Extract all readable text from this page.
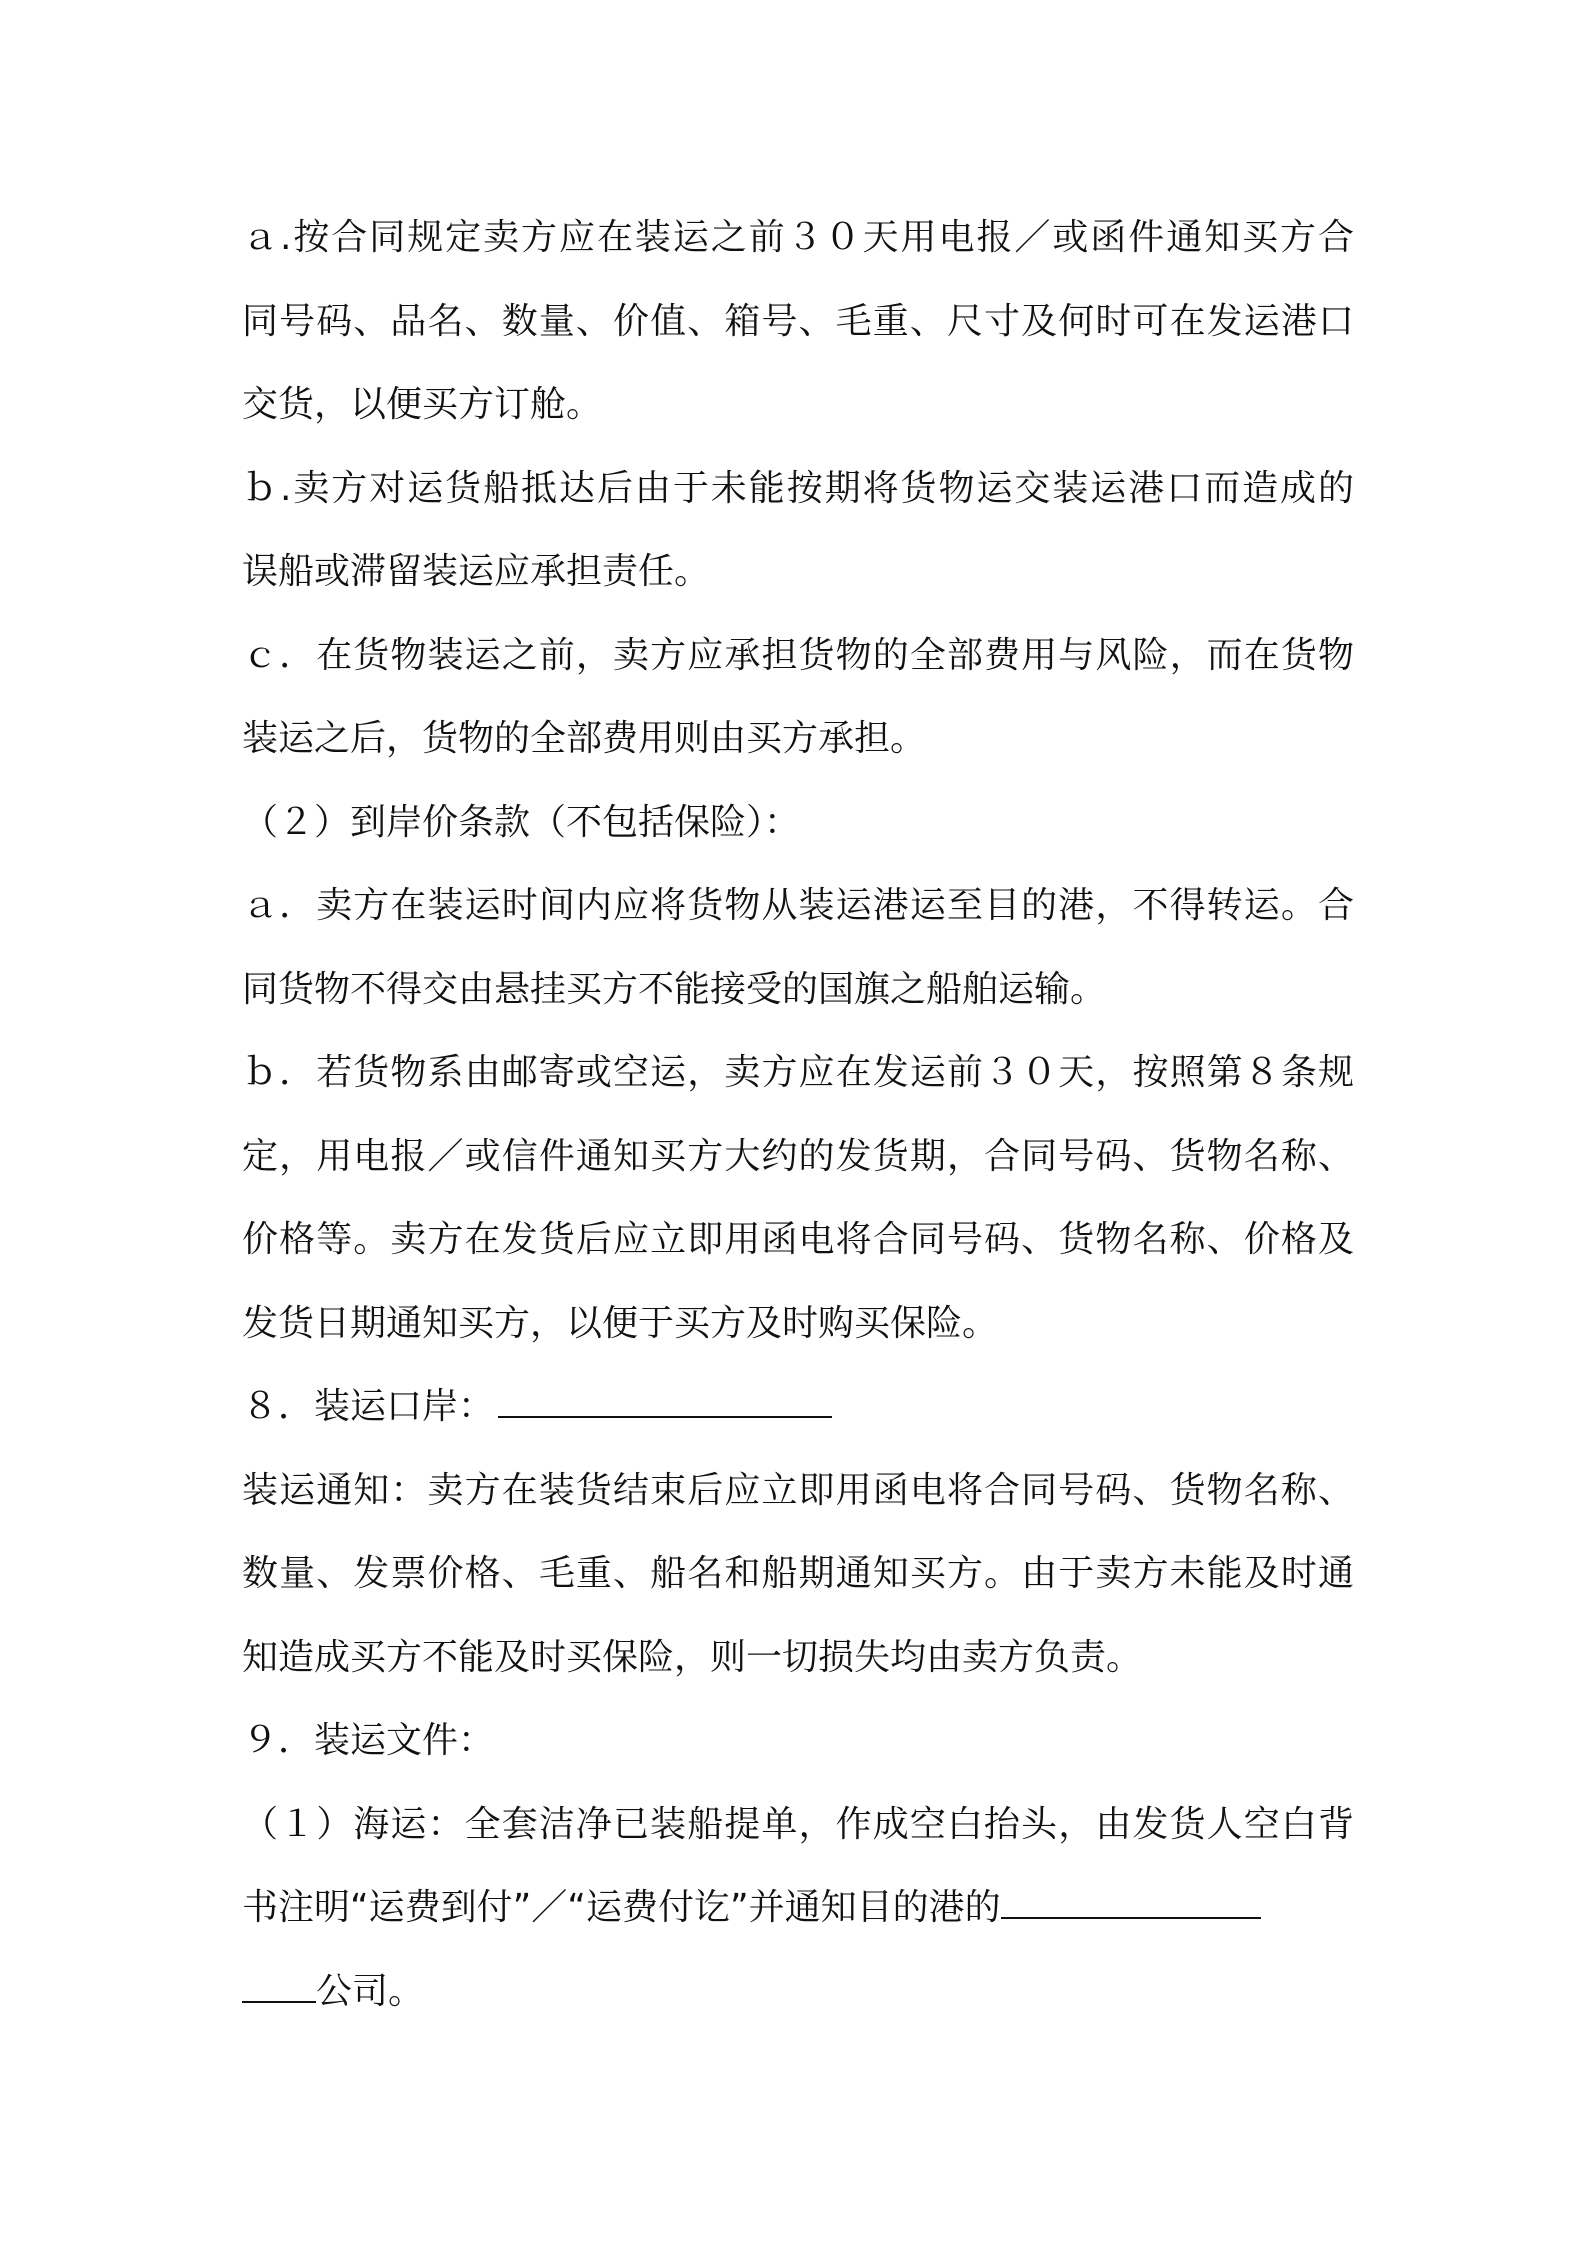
ａ.按合同规定卖方应在装运之前３０天用电报／或函件通知买方合
同号码、品名、数量、价值、箱号、毛重、尺寸及何时可在发运港口
交货，以便买方订舱。
ｂ.卖方对运货船抵达后由于未能按期将货物运交装运港口而造成的
误船或滞留装运应承担责任。
ｃ．在货物装运之前，卖方应承担货物的全部费用与风险，而在货物
装运之后，货物的全部费用则由买方承担。
（２）到岸价条款（不包括保险）：
ａ．卖方在装运时间内应将货物从装运港运至目的港，不得转运。合
同货物不得交由悬挂买方不能接受的国旗之船舶运输。
ｂ．若货物系由邮寄或空运，卖方应在发运前３０天，按照第８条规
定，用电报／或信件通知买方大约的发货期，合同号码、货物名称、
价格等。卖方在发货后应立即用函电将合同号码、货物名称、价格及
发货日期通知买方，以便于买方及时购买保险。
８．装运口岸：
装运通知：卖方在装货结束后应立即用函电将合同号码、货物名称、
数量、发票价格、毛重、船名和船期通知买方。由于卖方未能及时通
知造成买方不能及时买保险，则一切损失均由卖方负责。
９．装运文件：
（１）海运：全套洁净已装船提单，作成空白抬头，由发货人空白背
书注明“运费到付”／“运费付讫”并通知目的港的
公司。
